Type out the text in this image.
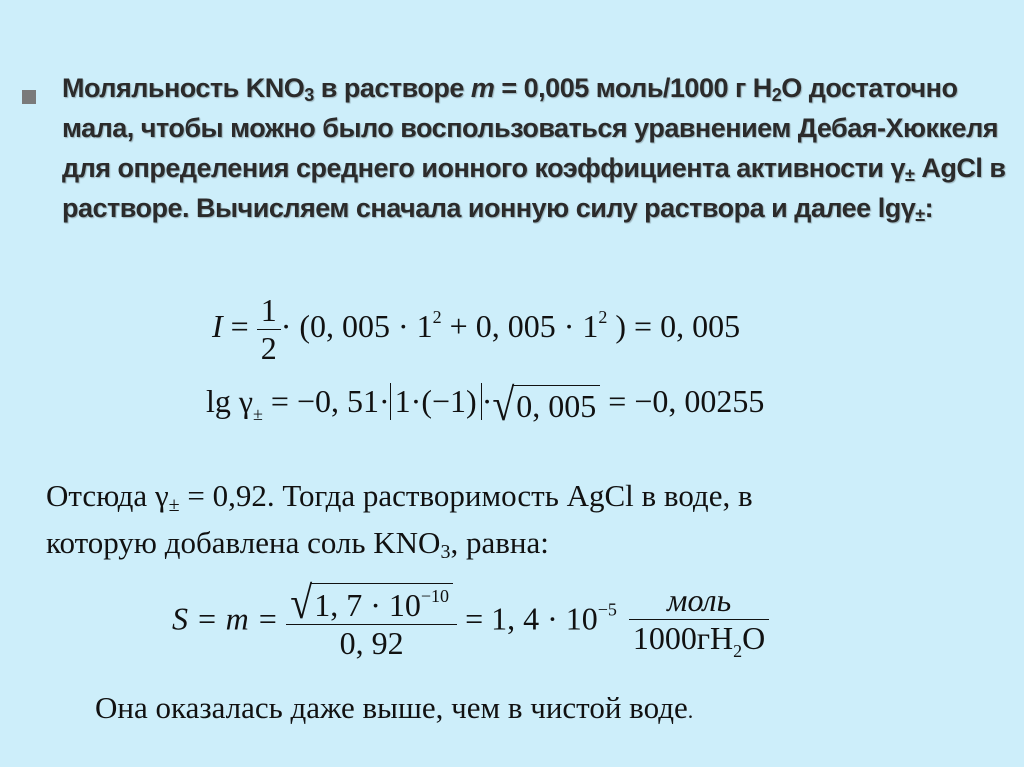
Моляльность $KNO_3$ в растворе m = 0,005 моль/1000 г $H_2O$ достаточно мала, чтобы можно было воспользоваться уравнением Дебая-Хюккеля для определения среднего ионного коэффициента активности $\gamma_\pm$ AgCl в растворе. Вычисляем сначала ионную силу раствора и далее lgγ$_\pm$:
$I = \frac{1}{2} \cdot (0$, $005 \cdot 1^2 + 0$, $005 \cdot 1^2$ ) = 0, 005
$\lg \gamma_\pm = -0$, 51· 1·(−1) · √ 0, 005 = −0, 00255
Отсюда $\gamma_\pm = 0,92$. Тогда растворимость AgCl в воде, в
которую добавлена соль $KNO_3$, равна:
$S = m = \frac{√ 1, 7 \cdot 10^{-10}}{0, 92} = 1$, $4 \cdot 10^{-5} \frac{\text{моль}}{1000гH_2O}$
Она оказалась даже выше, чем в чистой воде.
